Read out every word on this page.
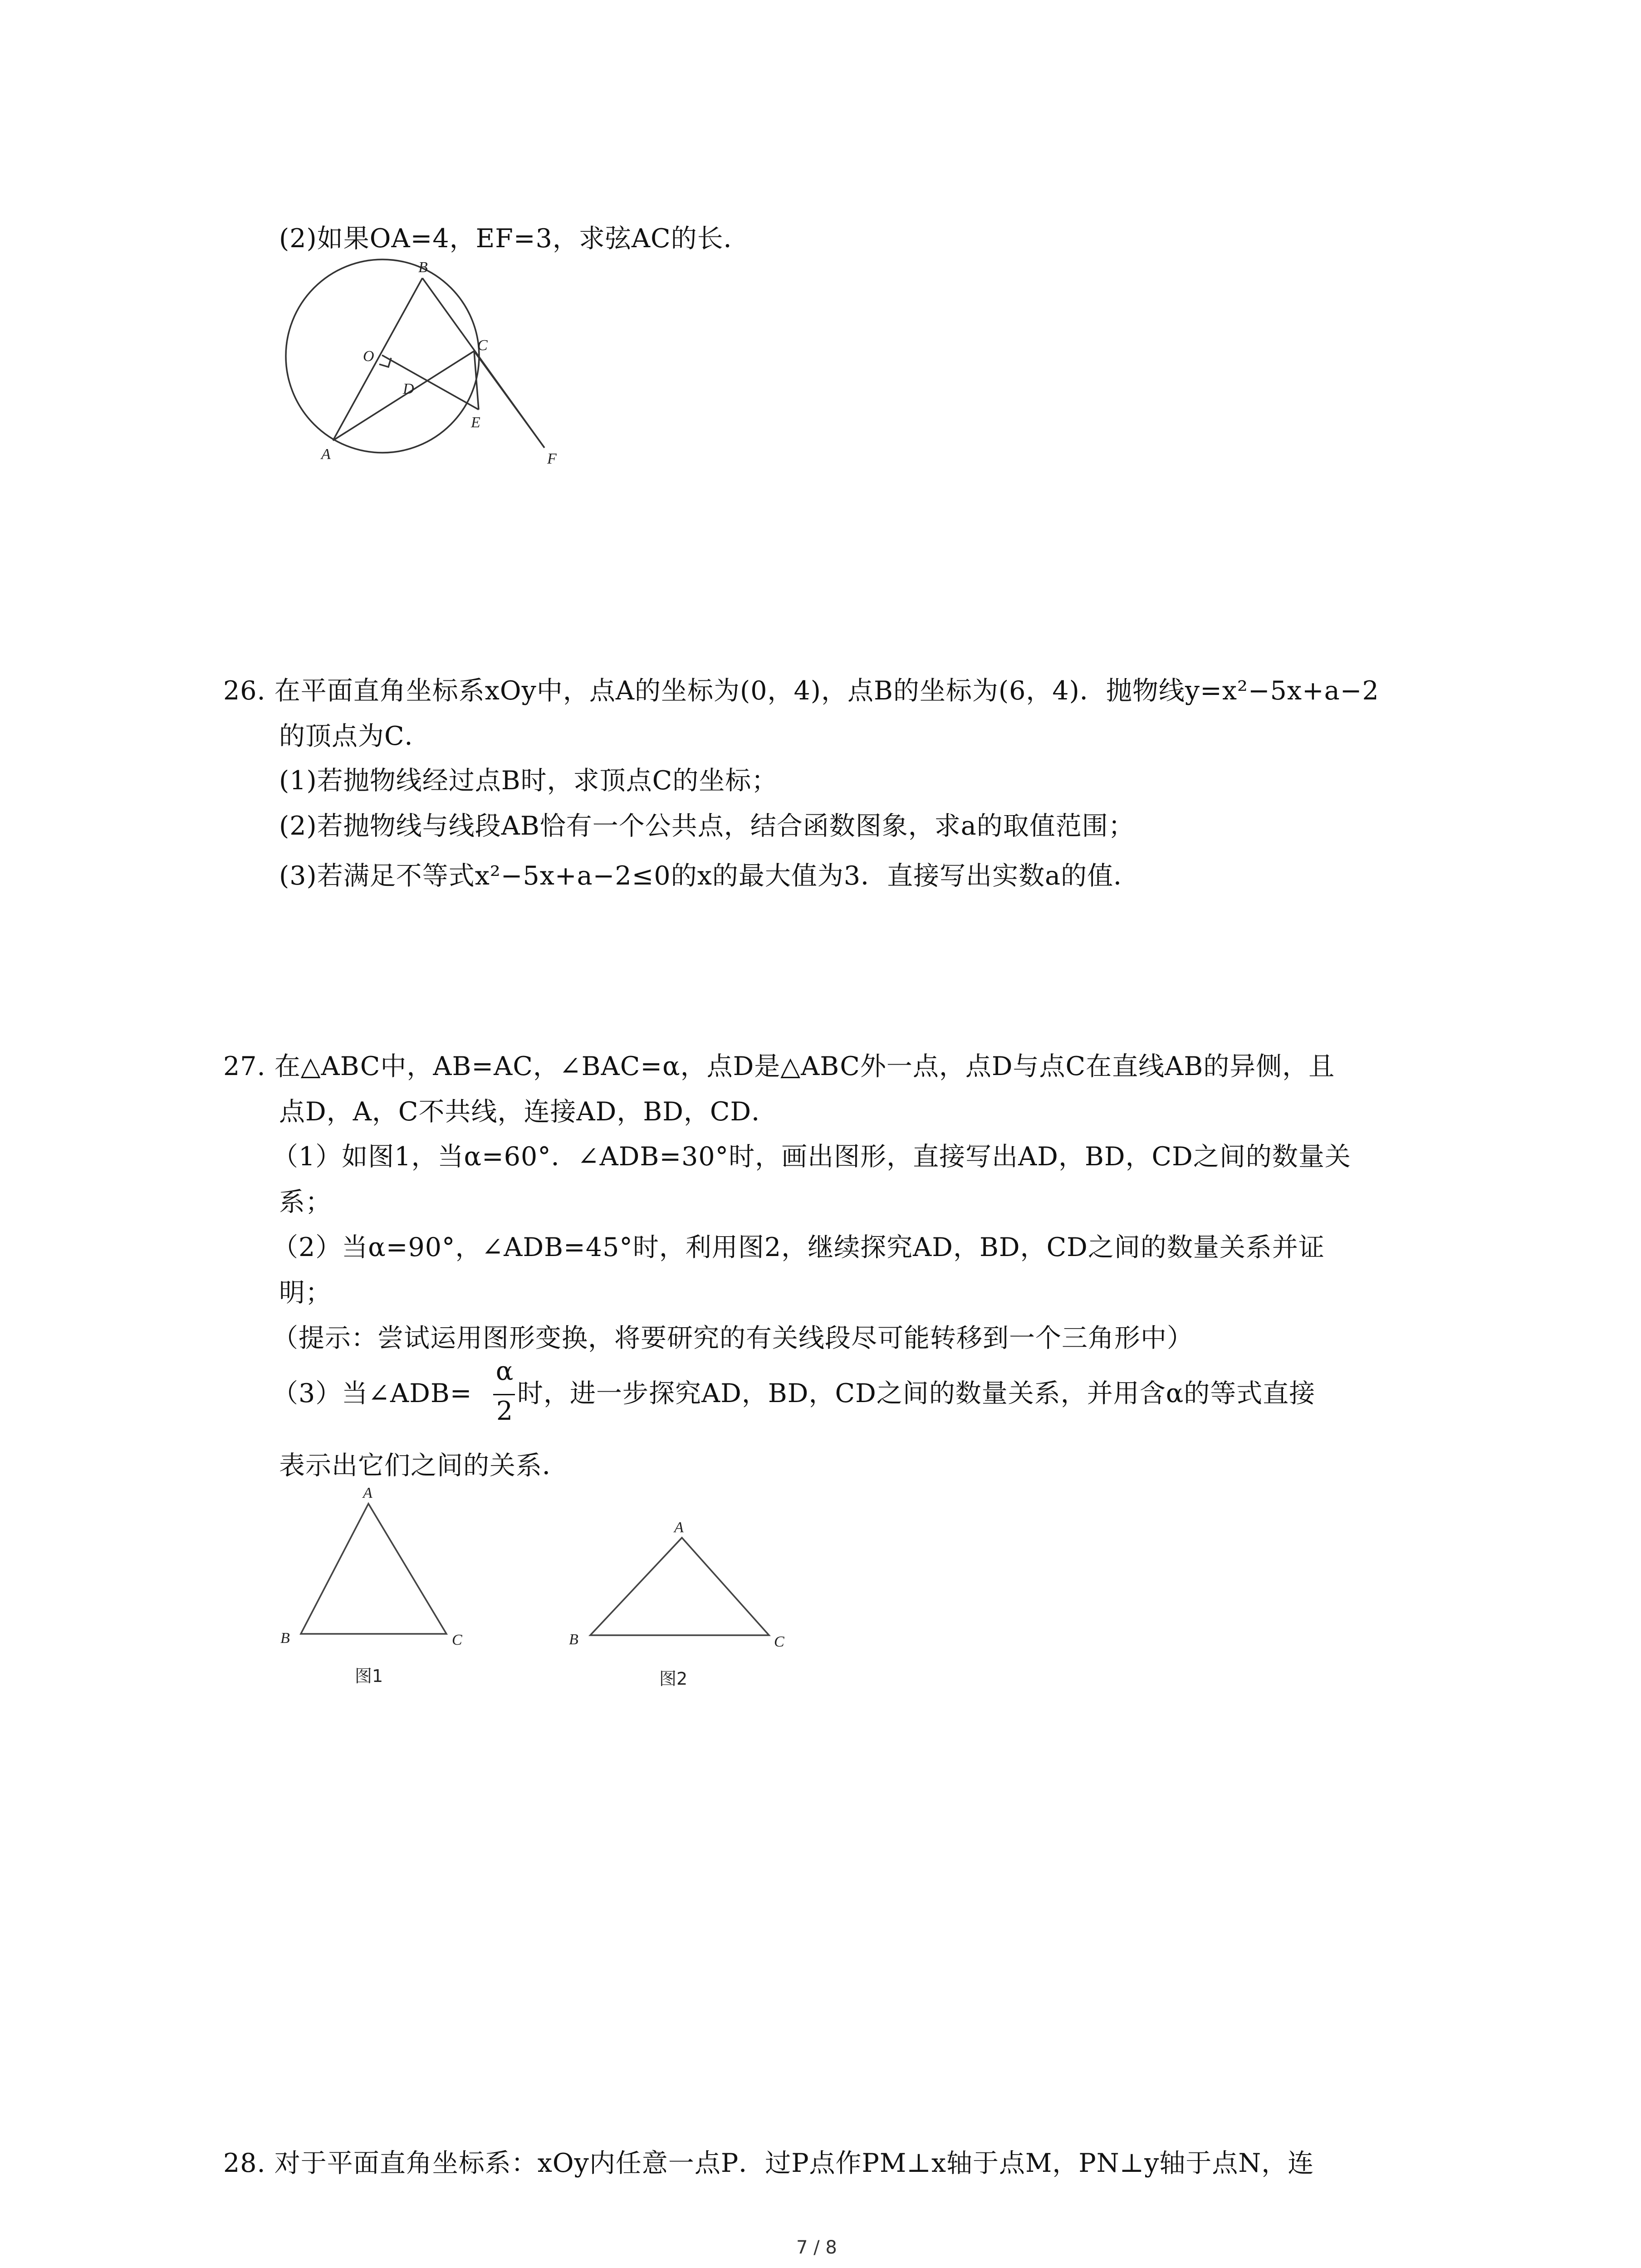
(2)如果OA=4，EF=3，求弦AC的长．
B
O
C
D
E
A	F
26. 在平面直角坐标系xOy中，点A的坐标为(0，4)，点B的坐标为(6，4)．抛物线y=x²−5x+a−2
的顶点为C．
(1)若抛物线经过点B时，求顶点C的坐标；
(2)若抛物线与线段AB恰有一个公共点，结合函数图象，求a的取值范围；
(3)若满足不等式x²−5x+a−2≤0的x的最大值为3．直接写出实数a的值．
27. 在△ABC中，AB=AC，∠BAC=α，点D是△ABC外一点，点D与点C在直线AB的异侧，且
点D，A，C不共线，连接AD，BD，CD．
（1）如图1，当α=60°．∠ADB=30°时，画出图形，直接写出AD，BD，CD之间的数量关
系；
（2）当α=90°，∠ADB=45°时，利用图2，继续探究AD，BD，CD之间的数量关系并证
明；
（提示：尝试运用图形变换，将要研究的有关线段尽可能转移到一个三角形中）
（3）当∠ADB=
α
2
时，进一步探究AD，BD，CD之间的数量关系，并用含α的等式直接
表示出它们之间的关系．
A
B	C
图1
A
B	C
图2
28. 对于平面直角坐标系：xOy内任意一点P．过P点作PM⊥x轴于点M，PN⊥y轴于点N，连
7 / 8
